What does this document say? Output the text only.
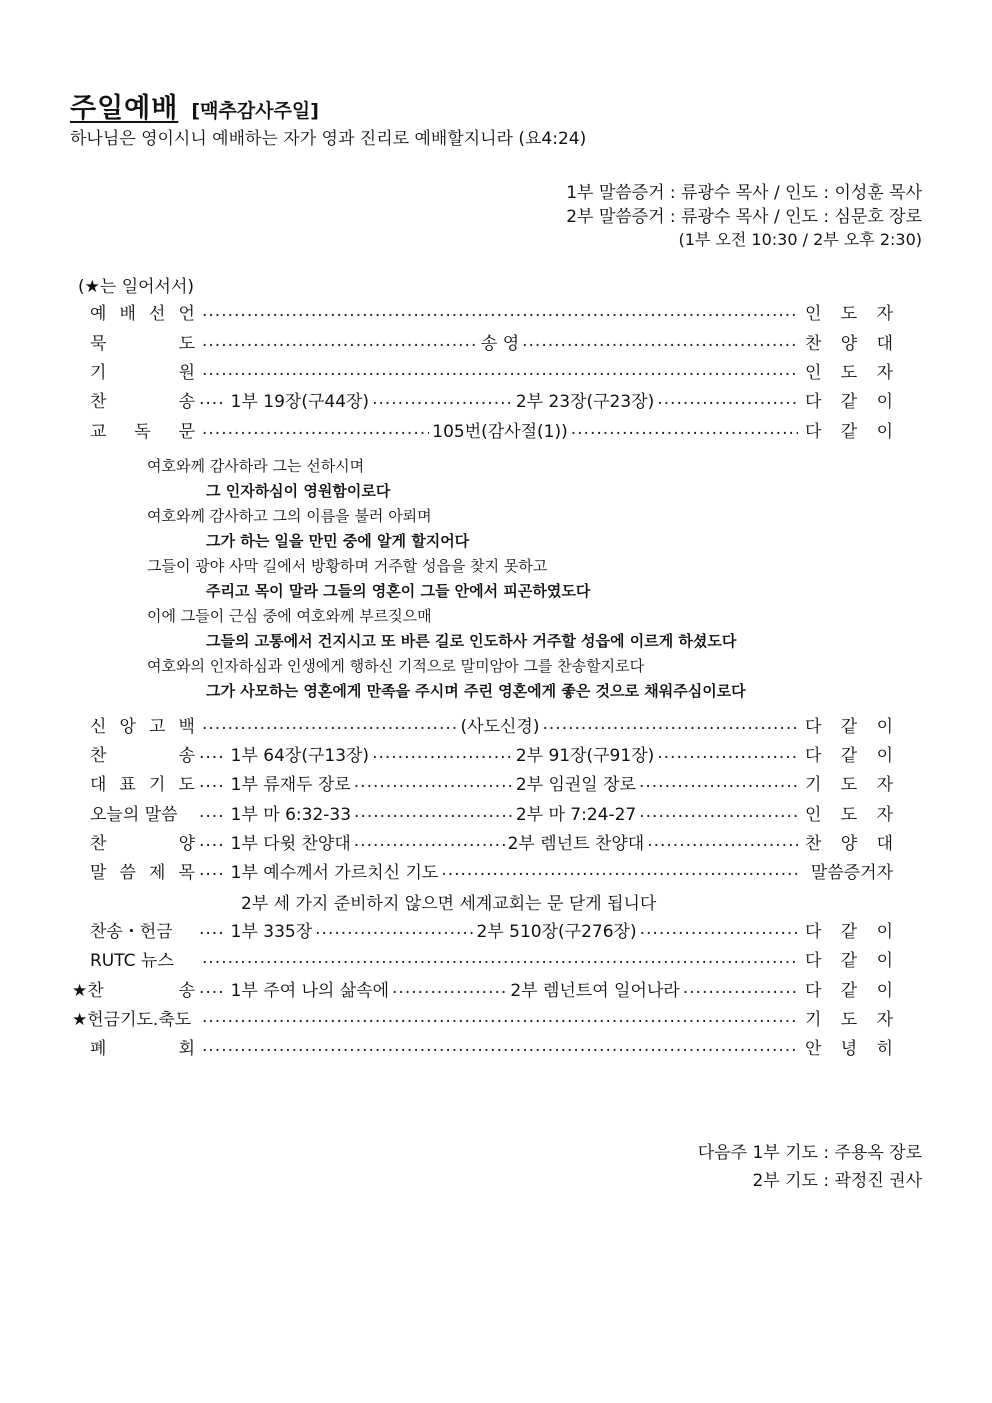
주일예배 [맥추감사주일]
하나님은 영이시니 예배하는 자가 영과 진리로 예배할지니라 (요4:24)
1부 말씀증거 : 류광수 목사 / 인도 : 이성훈 목사
2부 말씀증거 : 류광수 목사 / 인도 : 심문호 장로
(1부 오전 10:30 / 2부 오후 2:30)
(★는 일어서서)
예 배 선 언 .....	인 도 자
묵	도 .....	송 영 .....	찬 양 대
기	원 .....	인 도 자
찬	송 .... 1부 19장(구44장) .....	2부 23장(구23장) .....	다 같 이
교 독 문 .....	105번(감사절(1)) .....	다 같 이
여호와께 감사하라 그는 선하시며
그 인자하심이 영원함이로다
여호와께 감사하고 그의 이름을 불러 아뢰며
그가 하는 일을 만민 중에 알게 할지어다
그들이 광야 사막 길에서 방황하며 거주할 성읍을 찾지 못하고
주리고 목이 말라 그들의 영혼이 그들 안에서 피곤하였도다
이에 그들이 근심 중에 여호와께 부르짖으매
그들의 고통에서 건지시고 또 바른 길로 인도하사 거주할 성읍에 이르게 하셨도다
여호와의 인자하심과 인생에게 행하신 기적으로 말미암아 그를 찬송할지로다
그가 사모하는 영혼에게 만족을 주시며 주린 영혼에게 좋은 것으로 채워주심이로다
신 앙 고 백 .....	(사도신경) .....	다 같 이
찬	송 .... 1부 64장(구13장) .....	2부 91장(구91장) .....	다 같 이
대 표 기 도 .... 1부 류재두 장로 .....	2부 임권일 장로 .....	기 도 자
오늘의 말씀 .... 1부 마 6:32-33 .....	2부 마 7:24-27 .....	인 도 자
찬	양 .... 1부 다윗 찬양대 .....	2부 렘넌트 찬양대 .....	찬 양 대
말 씀 제 목 .... 1부 예수께서 가르치신 기도 .....	말씀증거자
2부 세 가지 준비하지 않으면 세계교회는 문 닫게 됩니다
찬송・헌금 .... 1부 335장 .....	2부 510장(구276장) .....	다 같 이
RUTC 뉴스 .....	다 같 이
★찬	송 .... 1부 주여 나의 삶속에 .....	2부 렘넌트여 일어나라 .....	다 같 이
★헌금기도.축도 .....	기 도 자
폐	회 .....	안 녕 히
다음주 1부 기도 : 주용옥 장로
2부 기도 : 곽정진 권사
